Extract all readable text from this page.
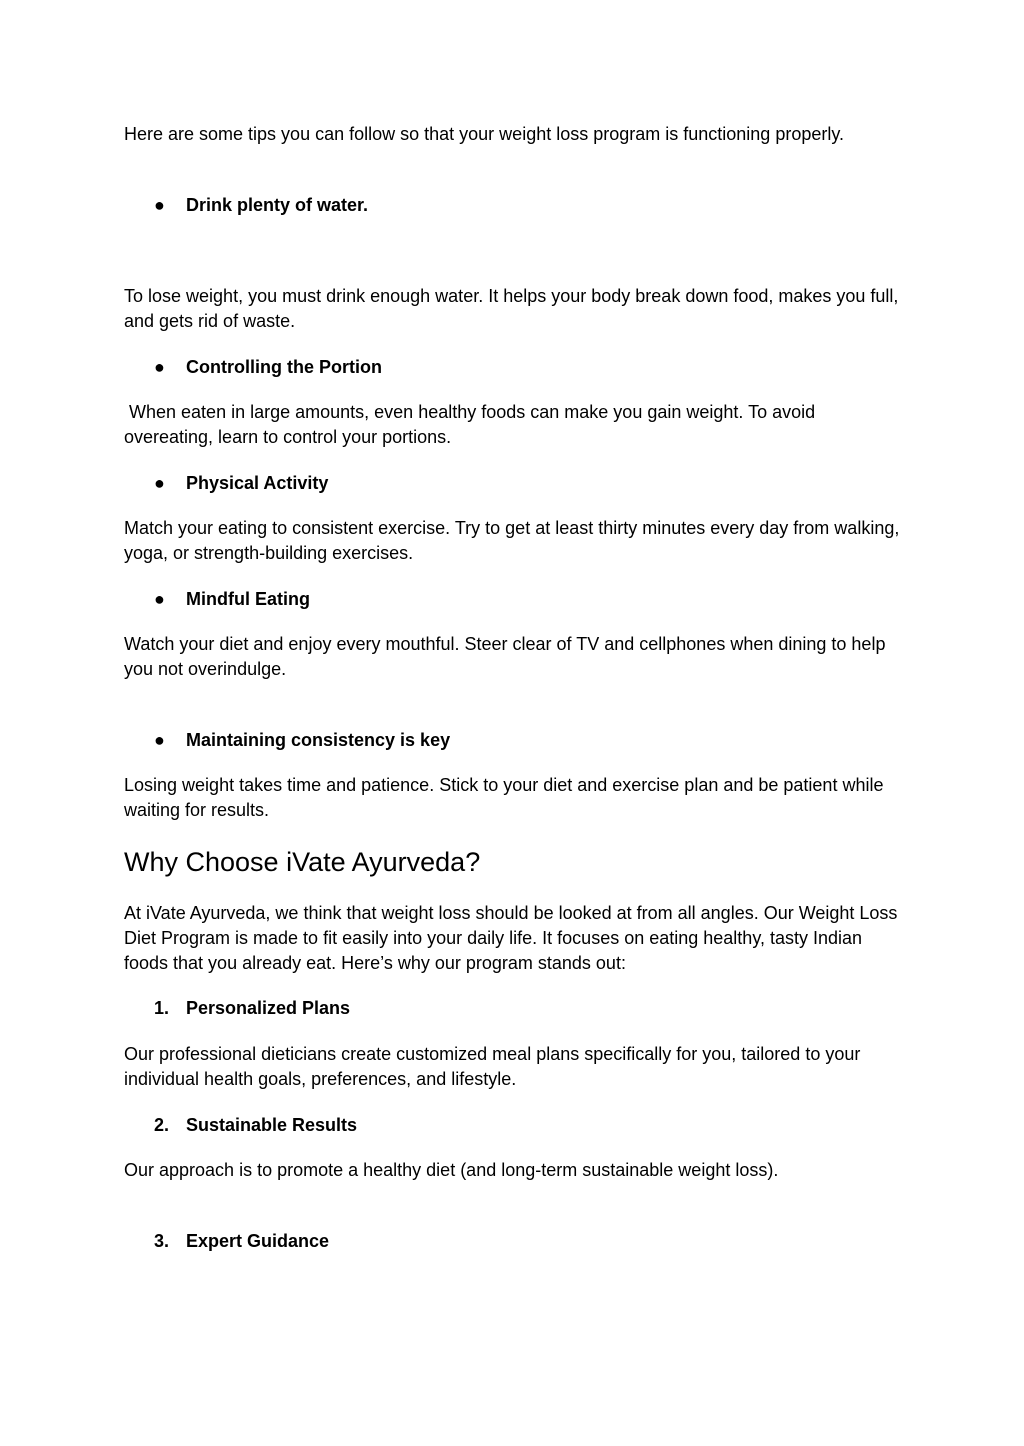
Here are some tips you can follow so that your weight loss program is functioning properly.

● Drink plenty of water.

To lose weight, you must drink enough water. It helps your body break down food, makes you full, and gets rid of waste.

● Controlling the Portion

When eaten in large amounts, even healthy foods can make you gain weight. To avoid overeating, learn to control your portions.

● Physical Activity

Match your eating to consistent exercise. Try to get at least thirty minutes every day from walking, yoga, or strength-building exercises.

● Mindful Eating

Watch your diet and enjoy every mouthful. Steer clear of TV and cellphones when dining to help you not overindulge.

● Maintaining consistency is key

Losing weight takes time and patience. Stick to your diet and exercise plan and be patient while waiting for results.

Why Choose iVate Ayurveda?

At iVate Ayurveda, we think that weight loss should be looked at from all angles. Our Weight Loss Diet Program is made to fit easily into your daily life. It focuses on eating healthy, tasty Indian foods that you already eat. Here’s why our program stands out:

1. Personalized Plans

Our professional dieticians create customized meal plans specifically for you, tailored to your individual health goals, preferences, and lifestyle.

2. Sustainable Results

Our approach is to promote a healthy diet (and long-term sustainable weight loss).

3. Expert Guidance
